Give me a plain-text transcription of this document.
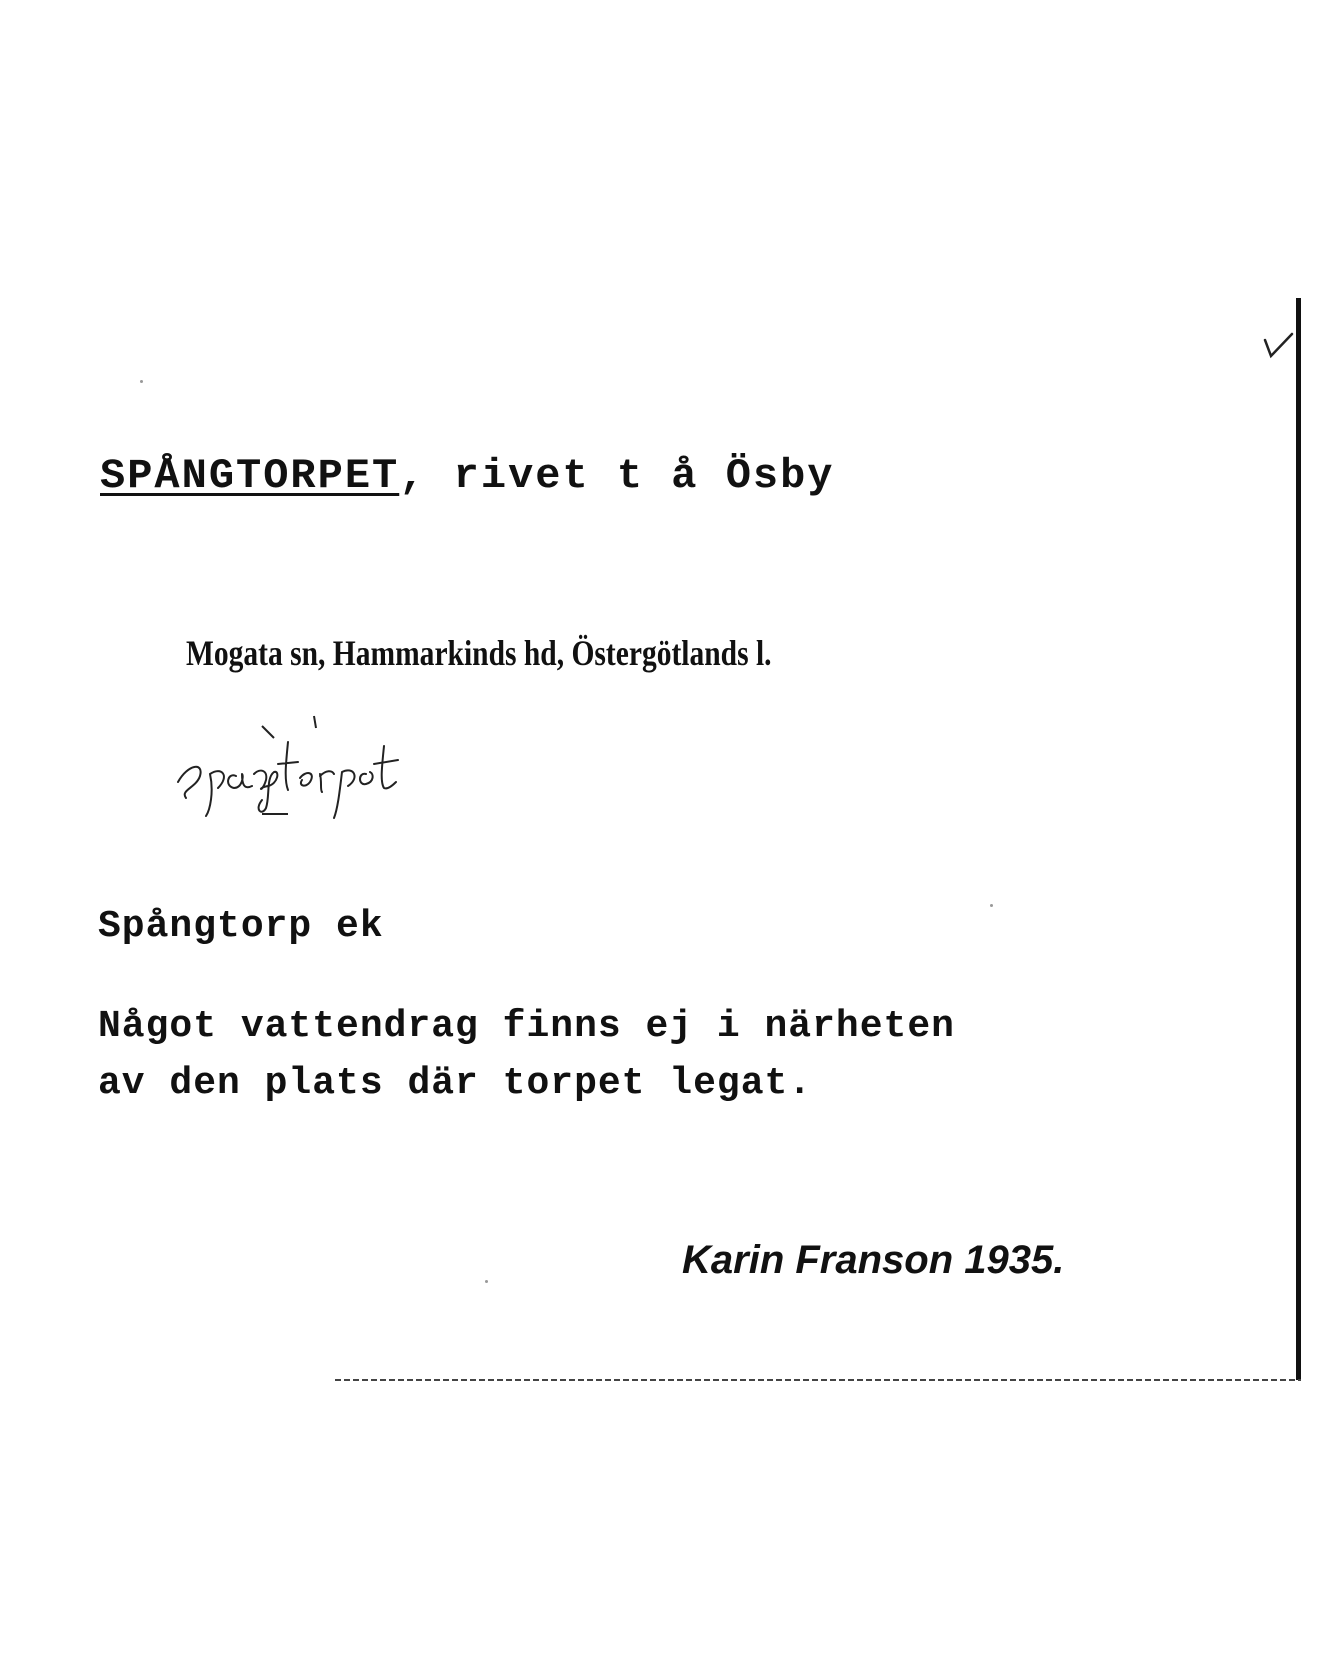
SPÅNGTORPET, rivet t å Ösby
Mogata sn, Hammarkinds hd, Östergötlands l.
spångtörpet
Spångtorp ek
Något vattendrag finns ej i närheten
av den plats där torpet legat.
Karin Franson 1935.
